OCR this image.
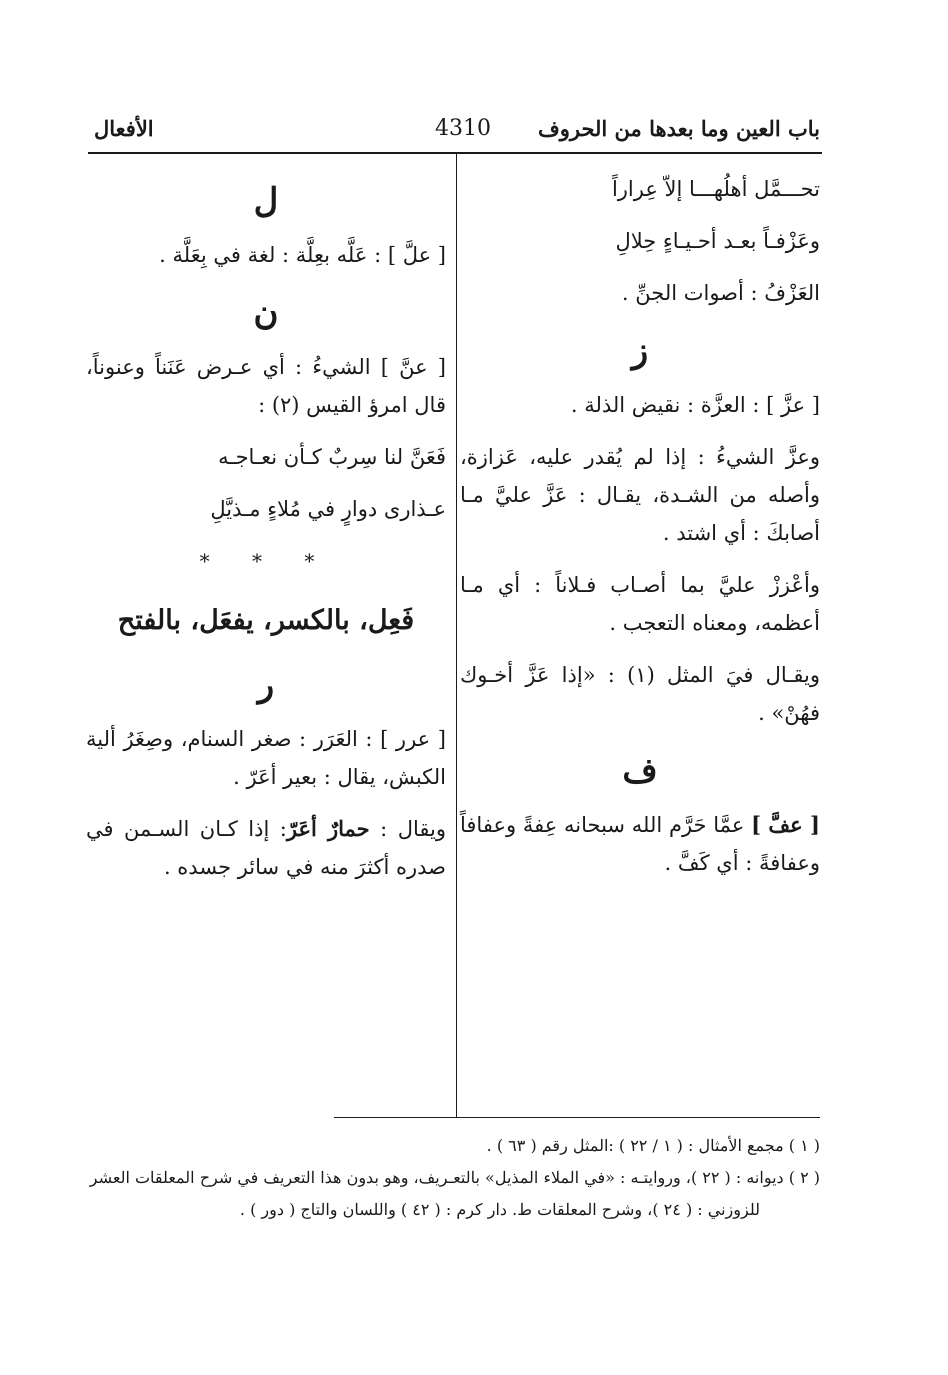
باب العين وما بعدها من الحروف
4310
الأفعال

تحـــمَّل أهلُهـــا إلاّ عِراراً

وعَزْفـاً بعـد أحـيـاءٍ حِلالِ

العَزْفُ : أصوات الجنِّ .

ز

[ عزَّ ] : العزَّة : نقيض الذلة .

وعزَّ الشيءُ : إذا لم يُقدر عليه، عَزازة، وأصله من الشـدة، يقـال : عَزَّ عليَّ مـا أصابكَ : أي اشتد .

وأعْززْ عليَّ بما أصـاب فـلاناً : أي مـا أعظمه، ومعناه التعجب .

ويقـال فيَ المثل (١) : «إذا عَزَّ أخـوك فهُنْ» .

ف

[ عفَّ ] عمَّا حَرَّم الله سبحانه عِفةً وعفافاً وعفافةً : أي كَفَّ .

ل

[ علَّ ] : عَلَّه بعِلَّة : لغة في بِعَلَّة .

ن

[ عنَّ ] الشيءُ : أي عـرض عَنَناً وعنوناً، قال امرؤ القيس (٢) :

فَعَنَّ لنا سِربٌ كـأن نعـاجـه

عـذارى دوارٍ في مُلاءٍ مـذيَّلِ

* * *
فَعِل، بالكسر، يفعَل، بالفتح
ر

[ عرر ] : العَرَر : صغر السنام، وصِغَرُ ألية الكبش، يقال : بعير أعَرّ .

ويقال : حمارٌ أعَرّ: إذا كـان السـمن في صدره أكثرَ منه في سائر جسده .

( ١ ) مجمع الأمثال : ( ١ / ٢٢ ) :المثل رقم ( ٦٣ ) .

( ٢ ) ديوانه : ( ٢٢ )، وروايتـه : «في الملاء المذيل» بالتعـريف، وهو بدون هذا التعريف في شرح المعلقات العشر

للزوزني : ( ٢٤ )، وشرح المعلقات ط. دار كرم : ( ٤٢ ) واللسان والتاج ( دور ) .
